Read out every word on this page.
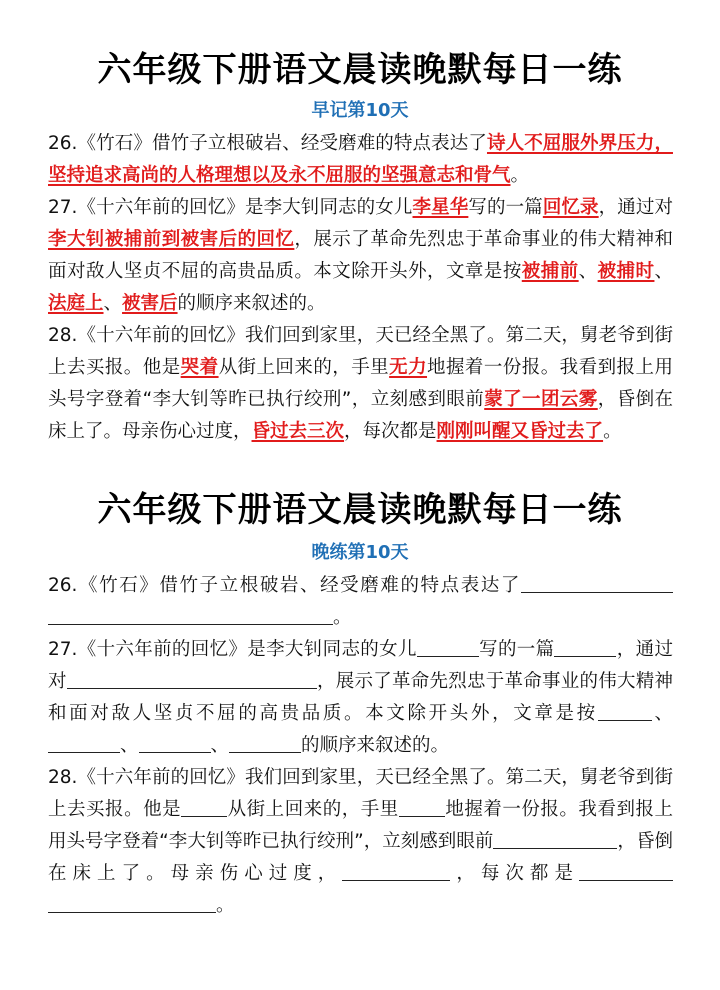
六年级下册语文晨读晚默每日一练
早记第10天

26.《竹石》借竹子立根破岩、经受磨难的特点表达了诗人不屈服外界压力，坚持追求高尚的人格理想以及永不屈服的坚强意志和骨气。

27.《十六年前的回忆》是李大钊同志的女儿李星华写的一篇回忆录，通过对李大钊被捕前到被害后的回忆，展示了革命先烈忠于革命事业的伟大精神和面对敌人坚贞不屈的高贵品质。本文除开头外，文章是按被捕前、被捕时、法庭上、被害后的顺序来叙述的。

28.《十六年前的回忆》我们回到家里，天已经全黑了。第二天，舅老爷到街上去买报。他是哭着从街上回来的，手里无力地握着一份报。我看到报上用头号字登着“李大钊等昨已执行绞刑”，立刻感到眼前蒙了一团云雾，昏倒在床上了。母亲伤心过度，昏过去三次，每次都是刚刚叫醒又昏过去了。

六年级下册语文晨读晚默每日一练
晚练第10天

26.《竹石》借竹子立根破岩、经受磨难的特点表达了。

27.《十六年前的回忆》是李大钊同志的女儿	写的一篇	，通过对	，展示了革命先烈忠于革命事业的伟大精神和面对敌人坚贞不屈的高贵品质。本文除开头外，文章是按	、、	、	的顺序来叙述的。

28.《十六年前的回忆》我们回到家里，天已经全黑了。第二天，舅老爷到街上去买报。他是 从街上回来的，手里 地握着一份报。我看到报上用头号字登着“李大钊等昨已执行绞刑”，立刻感到眼前	，昏倒在床上了。母亲伤心过度，	，每次都是。
